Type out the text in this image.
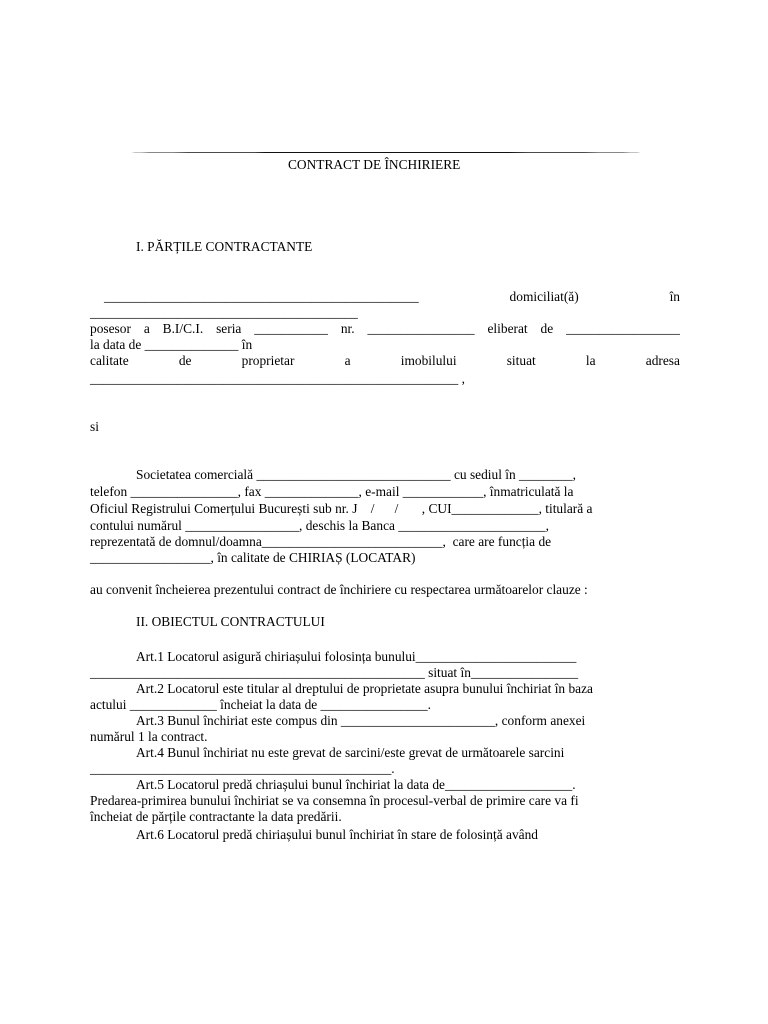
CONTRACT DE ÎNCHIRIERE
I. PĂRȚILE CONTRACTANTE
_______________________________________________	domiciliat(ă)	în
________________________________________
posesor a B.I/C.I. seria ___________ nr. ________________ eliberat de _________________
la data de ______________ în
calitate	de	proprietar	a	imobilului	situat	la	adresa
_______________________________________________________ ,
si
Societatea comercială _____________________________ cu sediul în ________,
telefon ________________, fax ______________, e-mail ____________, înmatriculată la
Oficiul Registrului Comerțului București sub nr. J    /      /       , CUI_____________, titulară a
contului numărul _________________, deschis la Banca ______________________,
reprezentată de domnul/doamna___________________________,  care are funcția de
__________________, în calitate de CHIRIAȘ (LOCATAR)
au convenit încheierea prezentului contract de închiriere cu respectarea următoarelor clauze :
II. OBIECTUL CONTRACTULUI
Art.1 Locatorul asigură chiriașului folosința bunului________________________
__________________________________________________ situat în________________
Art.2 Locatorul este titular al dreptului de proprietate asupra bunului închiriat în baza
actului _____________ încheiat la data de ________________.
Art.3 Bunul închiriat este compus din _______________________, conform anexei
numărul 1 la contract.
Art.4 Bunul închiriat nu este grevat de sarcini/este grevat de următoarele sarcini
_____________________________________________.
Art.5 Locatorul predă chriașului bunul închiriat la data de___________________.
Predarea-primirea bunului închiriat se va consemna în procesul-verbal de primire care va fi
încheiat de părțile contractante la data predării.
Art.6 Locatorul predă chiriașului bunul închiriat în stare de folosință având
